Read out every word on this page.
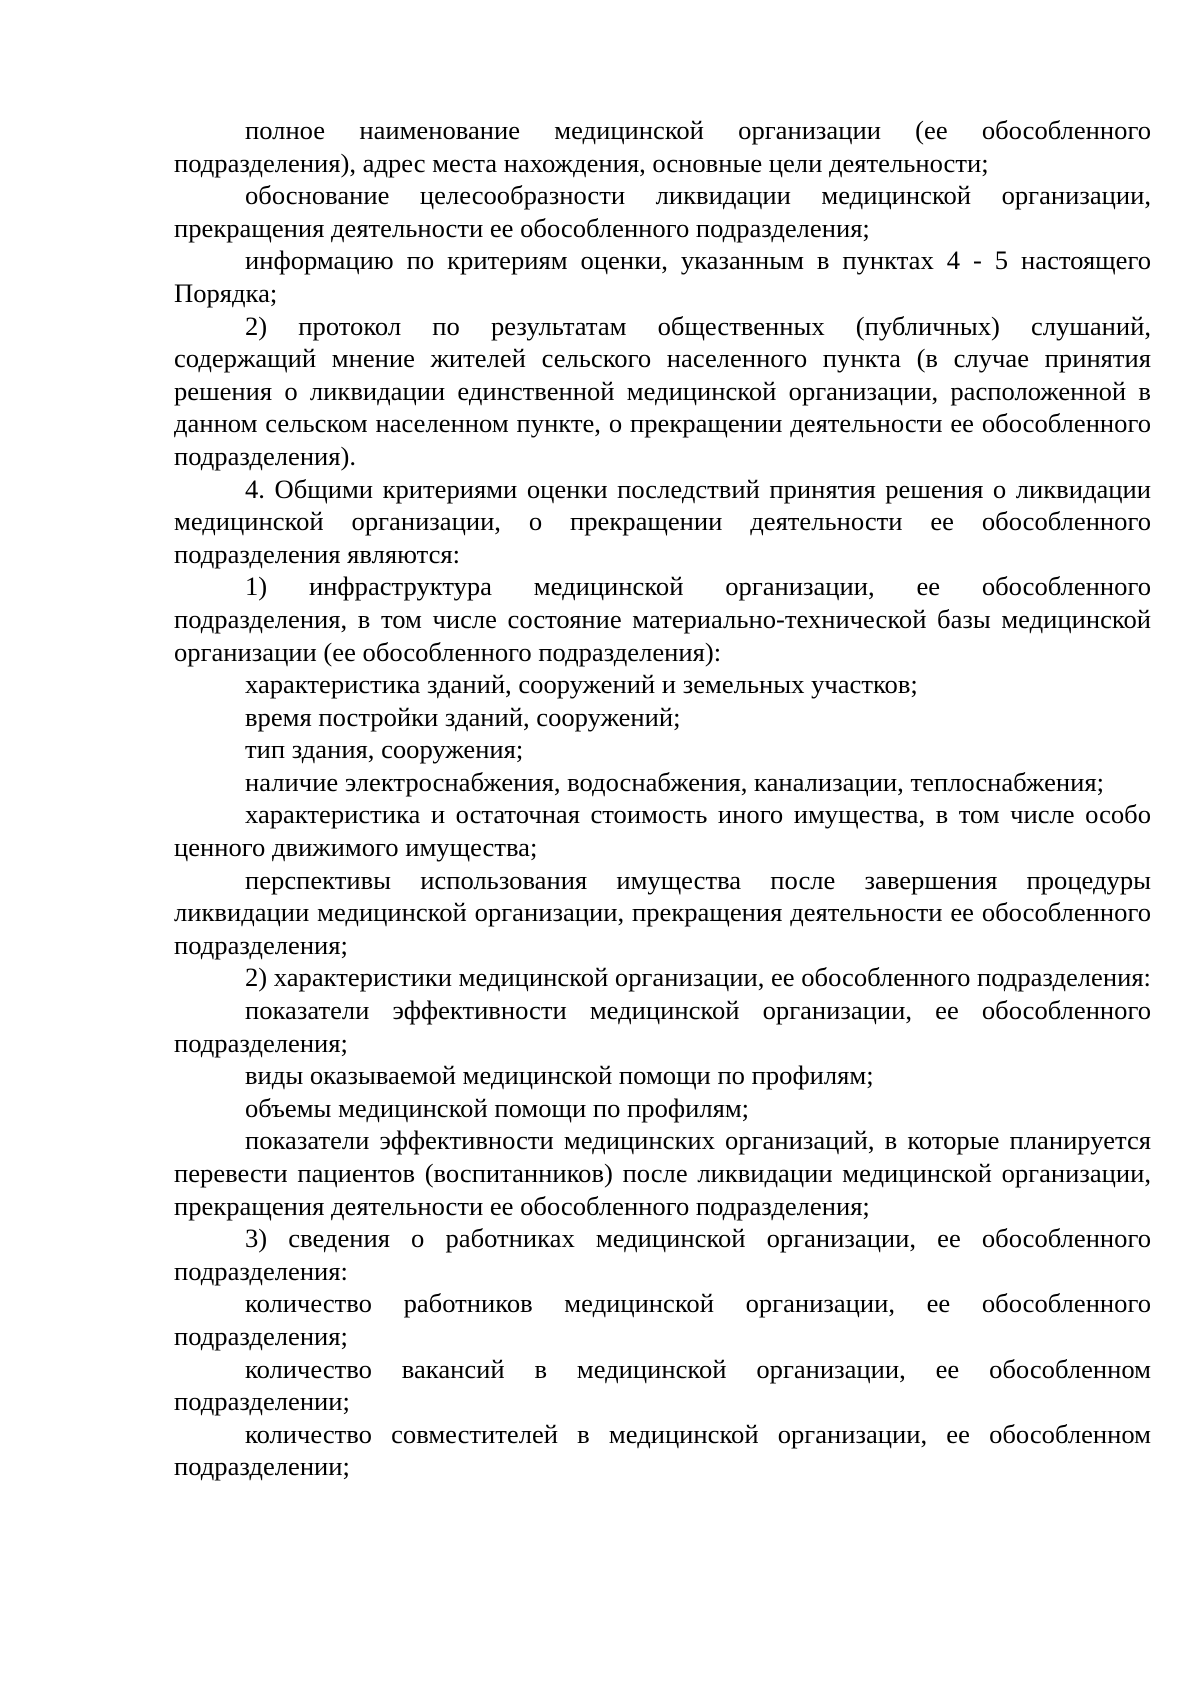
полное наименование медицинской организации (ее обособленного подразделения), адрес места нахождения, основные цели деятельности;

обоснование целесообразности ликвидации медицинской организации, прекращения деятельности ее обособленного подразделения;

информацию по критериям оценки, указанным в пунктах 4 - 5 настоящего Порядка;

2) протокол по результатам общественных (публичных) слушаний, содержащий мнение жителей сельского населенного пункта (в случае принятия решения о ликвидации единственной медицинской организации, расположенной в данном сельском населенном пункте, о прекращении деятельности ее обособленного подразделения).

4. Общими критериями оценки последствий принятия решения о ликвидации медицинской организации, о прекращении деятельности ее обособленного подразделения являются:

1) инфраструктура медицинской организации, ее обособленного подразделения, в том числе состояние материально-технической базы медицинской организации (ее обособленного подразделения):

характеристика зданий, сооружений и земельных участков;

время постройки зданий, сооружений;

тип здания, сооружения;

наличие электроснабжения, водоснабжения, канализации, теплоснабжения;

характеристика и остаточная стоимость иного имущества, в том числе особо ценного движимого имущества;

перспективы использования имущества после завершения процедуры ликвидации медицинской организации, прекращения деятельности ее обособленного подразделения;

2) характеристики медицинской организации, ее обособленного подразделения:

показатели эффективности медицинской организации, ее обособленного подразделения;

виды оказываемой медицинской помощи по профилям;

объемы медицинской помощи по профилям;

показатели эффективности медицинских организаций, в которые планируется перевести пациентов (воспитанников) после ликвидации медицинской организации, прекращения деятельности ее обособленного подразделения;

3) сведения о работниках медицинской организации, ее обособленного подразделения:

количество работников медицинской организации, ее обособленного подразделения;

количество вакансий в медицинской организации, ее обособленном подразделении;

количество совместителей в медицинской организации, ее обособленном подразделении;
